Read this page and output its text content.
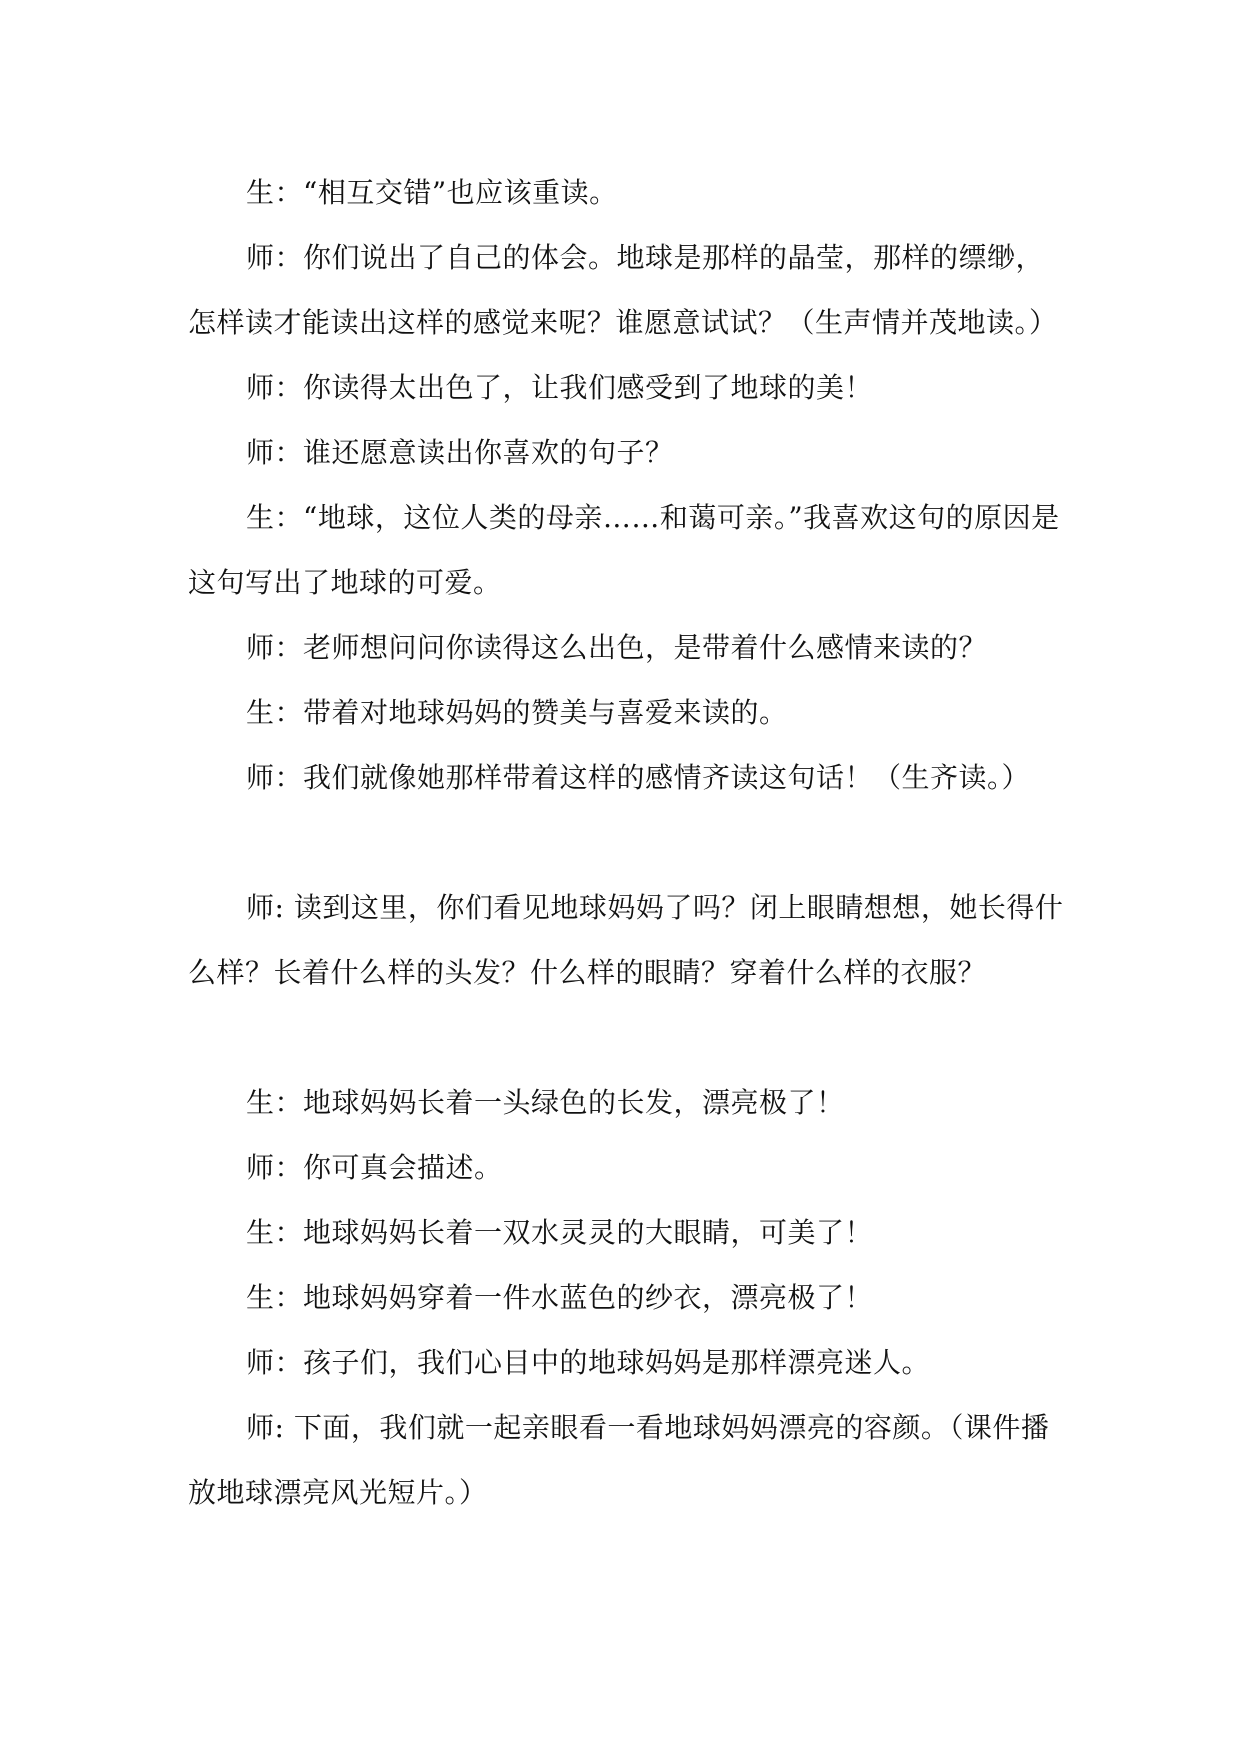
生：“相互交错”也应该重读。

师：你们说出了自己的体会。地球是那样的晶莹，那样的缥缈，怎样读才能读出这样的感觉来呢？谁愿意试试？（生声情并茂地读。）

师：你读得太出色了，让我们感受到了地球的美！

师：谁还愿意读出你喜欢的句子？

生：“地球，这位人类的母亲……和蔼可亲。”我喜欢这句的原因是这句写出了地球的可爱。

师：老师想问问你读得这么出色，是带着什么感情来读的？

生：带着对地球妈妈的赞美与喜爱来读的。

师：我们就像她那样带着这样的感情齐读这句话！（生齐读。）

师: 读到这里，你们看见地球妈妈了吗？闭上眼睛想想，她长得什么样？长着什么样的头发？什么样的眼睛？穿着什么样的衣服？

生：地球妈妈长着一头绿色的长发，漂亮极了！

师：你可真会描述。

生：地球妈妈长着一双水灵灵的大眼睛，可美了！

生：地球妈妈穿着一件水蓝色的纱衣，漂亮极了！

师：孩子们，我们心目中的地球妈妈是那样漂亮迷人。

师: 下面，我们就一起亲眼看一看地球妈妈漂亮的容颜。（课件播放地球漂亮风光短片。）
